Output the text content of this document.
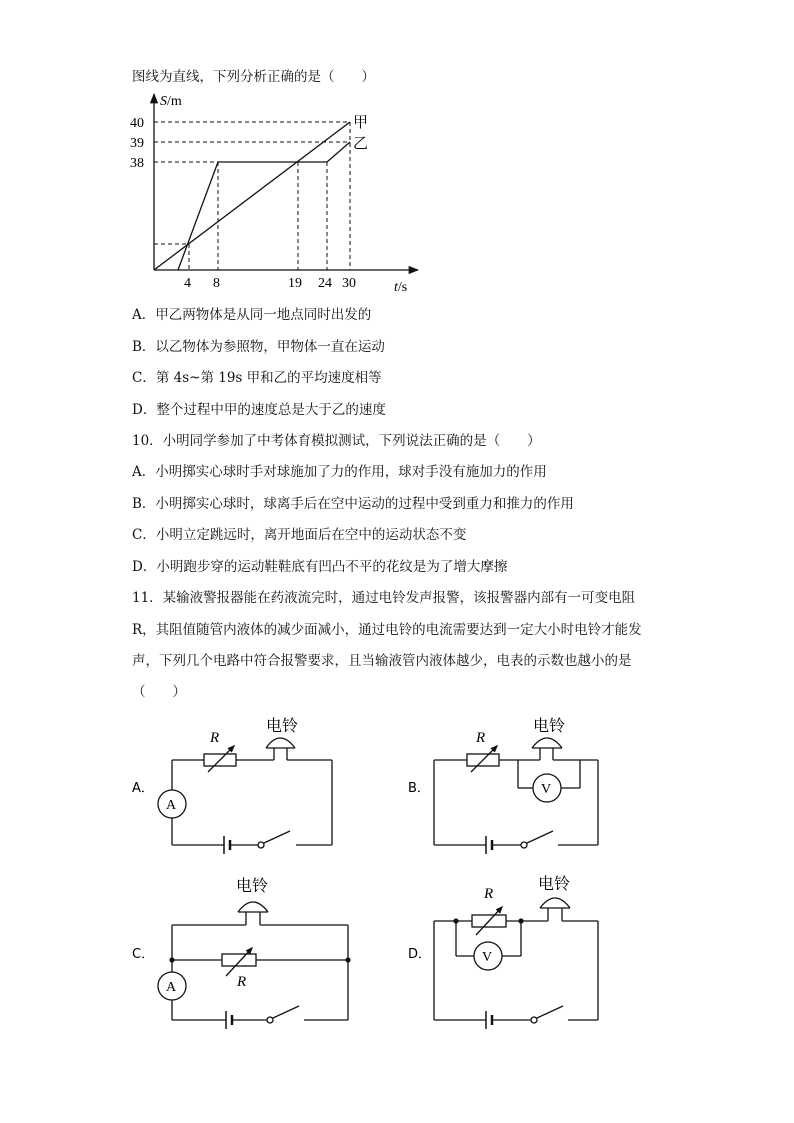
图线为直线，下列分析正确的是（　　）
S/m
t/s
40
39
38
4 8	19 24 30
甲
乙
A．甲乙两物体是从同一地点同时出发的
B．以乙物体为参照物，甲物体一直在运动
C．第 4s~第 19s 甲和乙的平均速度相等
D．整个过程中甲的速度总是大于乙的速度
10．小明同学参加了中考体育模拟测试，下列说法正确的是（　　）
A．小明掷实心球时手对球施加了力的作用，球对手没有施加力的作用
B．小明掷实心球时，球离手后在空中运动的过程中受到重力和推力的作用
C．小明立定跳远时，离开地面后在空中的运动状态不变
D．小明跑步穿的运动鞋鞋底有凹凸不平的花纹是为了增大摩擦
11．某输液警报器能在药液流完时，通过电铃发声报警，该报警器内部有一可变电阻
R，其阻值随管内液体的减少面减小，通过电铃的电流需要达到一定大小时电铃才能发
声，下列几个电路中符合报警要求，且当输液管内液体越少，电表的示数也越小的是
（　　）
A
V
A
V
R	R
R
R
电铃	电铃
电铃	电铃
A．	B．
C．	D．
